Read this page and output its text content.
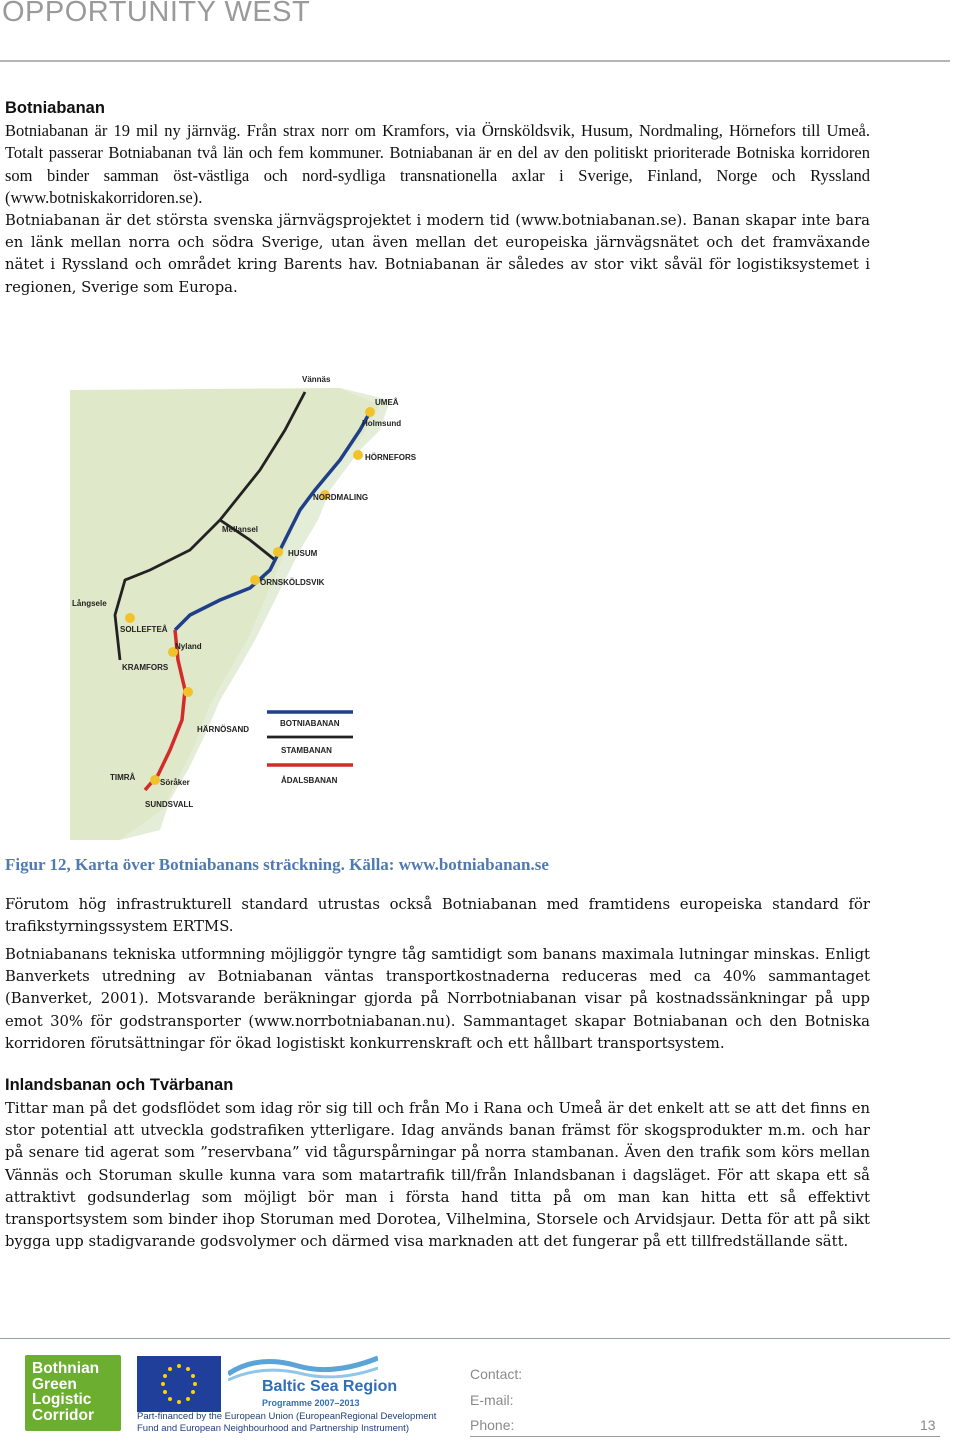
OPPORTUNITY WEST
Botniabanan

Botniabanan är 19 mil ny järnväg. Från strax norr om Kramfors, via Örnsköldsvik, Husum, Nordmaling, Hörnefors till Umeå. Totalt passerar Botniabanan två län och fem kommuner. Botniabanan är en del av den politiskt prioriterade Botniska korridoren som binder samman öst-västliga och nord-sydliga transnationella axlar i Sverige, Finland, Norge och Ryssland (www.botniskakorridoren.se).

Botniabanan är det största svenska järnvägsprojektet i modern tid (www.botniabanan.se). Banan skapar inte bara en länk mellan norra och södra Sverige, utan även mellan det europeiska järnvägsnätet och det framväxande nätet i Ryssland och området kring Barents hav. Botniabanan är således av stor vikt såväl för logistiksystemet i regionen, Sverige som Europa.

Vännäs
UMEÅ
Holmsund
HÖRNEFORS
NORDMALING
Mellansel
HUSUM
ÖRNSKÖLDSVIK
Långsele
SOLLEFTEÅ
Nyland
KRAMFORS
HÄRNÖSAND
TIMRÅ
Söråker
SUNDSVALL
BOTNIABANAN
STAMBANAN
ÅDALSBANAN

Figur 12, Karta över Botniabanans sträckning. Källa: www.botniabanan.se

Förutom hög infrastrukturell standard utrustas också Botniabanan med framtidens europeiska standard för trafikstyrningssystem ERTMS.

Botniabanans tekniska utformning möjliggör tyngre tåg samtidigt som banans maximala lutningar minskas. Enligt Banverkets utredning av Botniabanan väntas transportkostnaderna reduceras med ca 40% sammantaget (Banverket, 2001). Motsvarande beräkningar gjorda på Norrbotniabanan visar på kostnadssänkningar på upp emot 30% för godstransporter (www.norrbotniabanan.nu). Sammantaget skapar Botniabanan och den Botniska korridoren förutsättningar för ökad logistiskt konkurrenskraft och ett hållbart transportsystem.

Inlandsbanan och Tvärbanan

Tittar man på det godsflödet som idag rör sig till och från Mo i Rana och Umeå är det enkelt att se att det finns en stor potential att utveckla godstrafiken ytterligare. Idag används banan främst för skogsprodukter m.m. och har på senare tid agerat som ”reservbana” vid tågurspårningar på norra stambanan. Även den trafik som körs mellan Vännäs och Storuman skulle kunna vara som matartrafik till/från Inlandsbanan i dagsläget. För att skapa ett så attraktivt godsunderlag som möjligt bör man i första hand titta på om man kan hitta ett så effektivt transportsystem som binder ihop Storuman med Dorotea, Vilhelmina, Storsele och Arvidsjaur. Detta för att på sikt bygga upp stadigvarande godsvolymer och därmed visa marknaden att det fungerar på ett tillfredställande sätt.

Bothnian
Green
Logistic
Corridor
Baltic Sea Region
Programme 2007–2013
Part-financed by the European Union (EuropeanRegional Development Fund and European Neighbourhood and Partnership Instrument)
Contact:
E-mail:
Phone:	13
